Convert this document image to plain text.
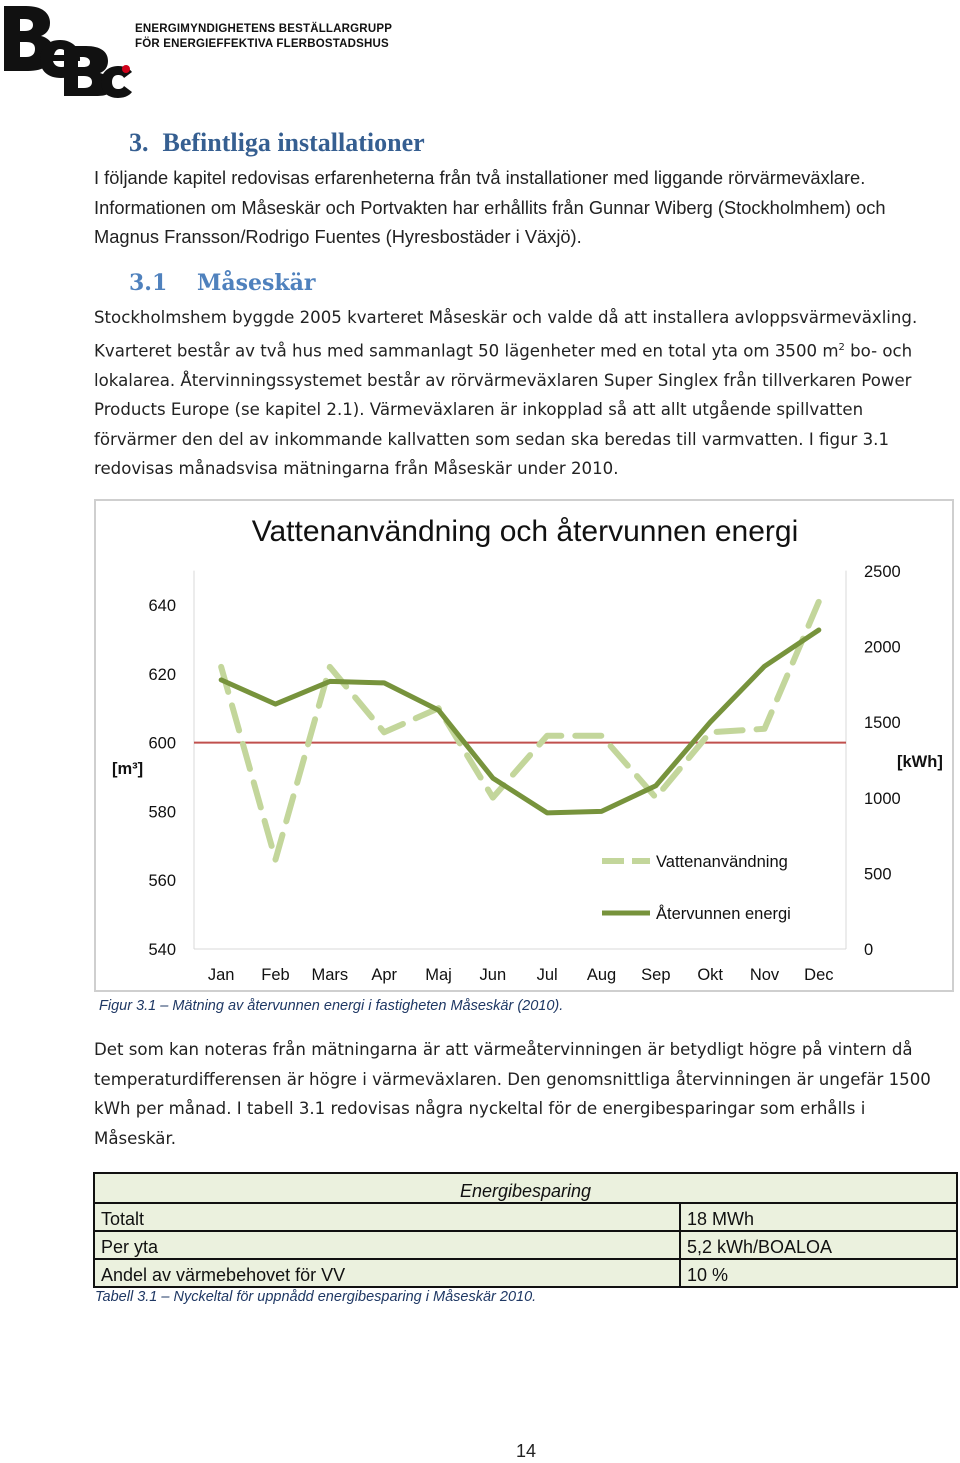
ENERGIMYNDIGHETENS BESTÄLLARGRUPP
FÖR ENERGIEFFEKTIVA FLERBOSTADSHUS
3. Befintliga installationer
I följande kapitel redovisas erfarenheterna från två installationer med liggande rörvärmeväxlare.
Informationen om Måseskär och Portvakten har erhållits från Gunnar Wiberg (Stockholmhem) och
Magnus Fransson/Rodrigo Fuentes (Hyresbostäder i Växjö).
3.1 Måseskär
Stockholmshem byggde 2005 kvarteret Måseskär och valde då att installera avloppsvärmeväxling.
Kvarteret består av två hus med sammanlagt 50 lägenheter med en total yta om 3500 $m^2$ bo- och
lokalarea. Återvinningssystemet består av rörvärmeväxlaren Super Singlex från tillverkaren Power
Products Europe (se kapitel 2.1). Värmeväxlaren är inkopplad så att allt utgående spillvatten
förvärmer den del av inkommande kallvatten som sedan ska beredas till varmvatten. I figur 3.1
redovisas månadsvisa mätningarna från Måseskär under 2010.
Vattenanvändning och återvunnen energi
540
560
580
600
620
640
0
500
1000
1500
2000
2500
[m³]	[kWh]
Jan Feb Mars Apr Maj Jun Jul Aug Sep Okt Nov Dec
Vattenanvändning
Återvunnen energi
Figur 3.1 – Mätning av återvunnen energi i fastigheten Måseskär (2010).
Det som kan noteras från mätningarna är att värmeåtervinningen är betydligt högre på vintern då
temperaturdifferensen är högre i värmeväxlaren. Den genomsnittliga återvinningen är ungefär 1500
kWh per månad. I tabell 3.1 redovisas några nyckeltal för de energibesparingar som erhålls i
Måseskär.
Energibesparing	
Totalt	18 MWh
Per yta	5,2 kWh/BOALOA
Andel av värmebehovet för VV	10 %
Tabell 3.1 – Nyckeltal för uppnådd energibesparing i Måseskär 2010.
14
